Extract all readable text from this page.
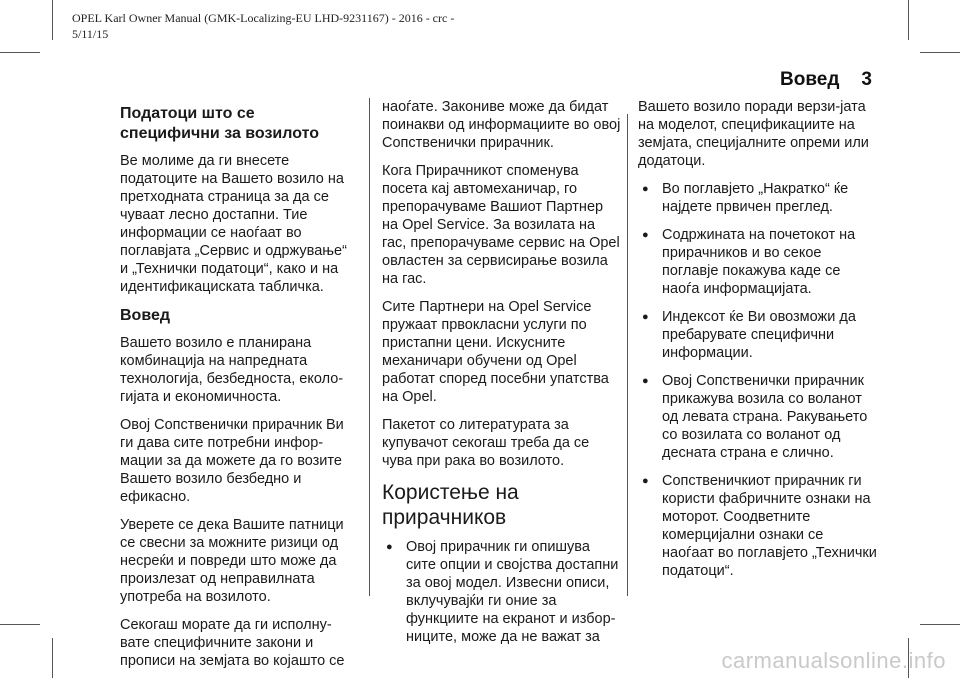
OPEL Karl Owner Manual (GMK-Localizing-EU LHD-9231167) - 2016 - crc -
5/11/15
Вовед 3
Податоци што се
специфични за возилото

Ве молиме да ги внесете податоците на Вашето возило на претходната страница за да се чуваат лесно достапни. Тие информации се наоѓаат во поглавјата „Сервис и одржување“ и „Технички податоци“, како и на идентификациската табличка.

Вовед

Вашето возило е планирана комбинација на напредната технологија, безбедноста, еколо-гијата и економичноста.

Овој Сопственички прирачник Ви ги дава сите потребни инфор-мации за да можете да го возите Вашето возило безбедно и ефикасно.

Уверете се дека Вашите патници се свесни за можните ризици од несреќи и повреди што може да произлезат од неправилната употреба на возилото.

Секогаш морате да ги исполну-вате специфичните закони и прописи на земјата во којашто се

наоѓате. Закониве може да бидат поинакви од информациите во овој Сопственички прирачник.

Кога Прирачникот споменува посета кај автомеханичар, го препорачуваме Вашиот Партнер на Opel Service. За возилата на гас, препорачуваме сервис на Opel овластен за сервисирање возила на гас.

Сите Партнери на Opel Service пружаат првокласни услуги по пристапни цени. Искусните механичари обучени од Opel работат според посебни упатства на Opel.

Пакетот со литературата за купувачот секогаш треба да се чува при рака во возилото.

Користење на
прирачников
● Овој прирачник ги опишува сите опции и својства достапни за овој модел. Извесни описи, вклучувајќи ги оние за функциите на екранот и избор-ниците, може да не важат за

Вашето возило поради верзи-јата на моделот, спецификациите на земјата, специјалните опреми или додатоци.

● Во поглавјето „Накратко“ ќе најдете првичен преглед.
● Содржината на почетокот на прирачников и во секое поглавје покажува каде се наоѓа информацијата.
● Индексот ќе Ви овозможи да пребарувате специфични информации.
● Овој Сопственички прирачник прикажува возила со воланот од левата страна. Ракувањето со возилата со воланот од десната страна е слично.
● Сопственичкиот прирачник ги користи фабричните ознаки на моторот. Соодветните комерцијални ознаки се наоѓаат во поглавјето „Технички податоци“.
carmanualsonline.info
